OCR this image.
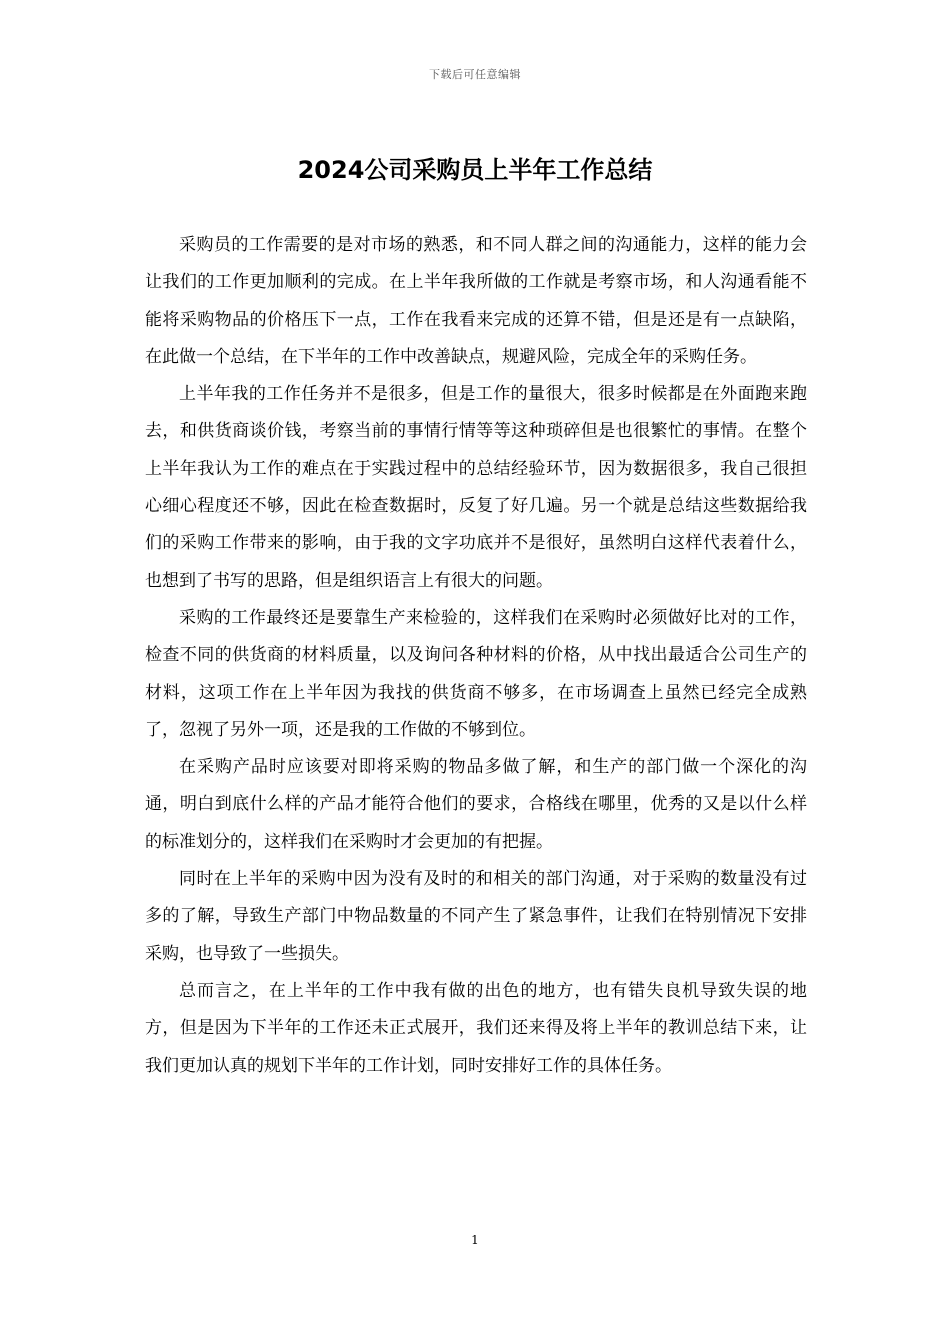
下载后可任意编辑
2024公司采购员上半年工作总结

采购员的工作需要的是对市场的熟悉，和不同人群之间的沟通能力，这样的能力会让我们的工作更加顺利的完成。在上半年我所做的工作就是考察市场，和人沟通看能不能将采购物品的价格压下一点，工作在我看来完成的还算不错，但是还是有一点缺陷，在此做一个总结，在下半年的工作中改善缺点，规避风险，完成全年的采购任务。

上半年我的工作任务并不是很多，但是工作的量很大，很多时候都是在外面跑来跑去，和供货商谈价钱，考察当前的事情行情等等这种琐碎但是也很繁忙的事情。在整个上半年我认为工作的难点在于实践过程中的总结经验环节，因为数据很多，我自己很担心细心程度还不够，因此在检查数据时，反复了好几遍。另一个就是总结这些数据给我们的采购工作带来的影响，由于我的文字功底并不是很好，虽然明白这样代表着什么，也想到了书写的思路，但是组织语言上有很大的问题。

采购的工作最终还是要靠生产来检验的，这样我们在采购时必须做好比对的工作，检查不同的供货商的材料质量，以及询问各种材料的价格，从中找出最适合公司生产的材料，这项工作在上半年因为我找的供货商不够多，在市场调查上虽然已经完全成熟了，忽视了另外一项，还是我的工作做的不够到位。

在采购产品时应该要对即将采购的物品多做了解，和生产的部门做一个深化的沟通，明白到底什么样的产品才能符合他们的要求，合格线在哪里，优秀的又是以什么样的标准划分的，这样我们在采购时才会更加的有把握。

同时在上半年的采购中因为没有及时的和相关的部门沟通，对于采购的数量没有过多的了解，导致生产部门中物品数量的不同产生了紧急事件，让我们在特别情况下安排采购，也导致了一些损失。

总而言之，在上半年的工作中我有做的出色的地方，也有错失良机导致失误的地方，但是因为下半年的工作还未正式展开，我们还来得及将上半年的教训总结下来，让我们更加认真的规划下半年的工作计划，同时安排好工作的具体任务。

1
